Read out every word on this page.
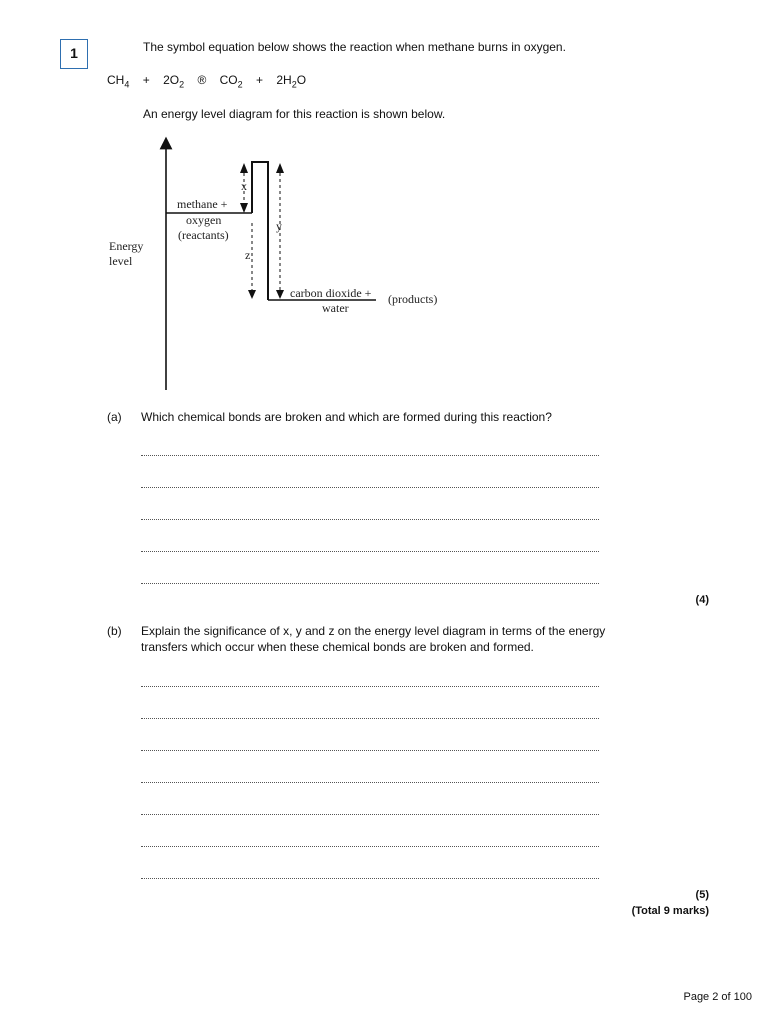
1	The symbol equation below shows the reaction when methane burns in oxygen.
$CH_4 + 2O_2$ ® $CO_2 + 2H_2O$
An energy level diagram for this reaction is shown below.
Energy
level
methane +
oxygen
(reactants)
x
y
z
carbon dioxide +
water
(products)
(a) Which chemical bonds are broken and which are formed during this reaction?
(4)
(b) Explain the significance of x, y and z on the energy level diagram in terms of the energy
transfers which occur when these chemical bonds are broken and formed.
(5)
(Total 9 marks)
Page 2 of 100
